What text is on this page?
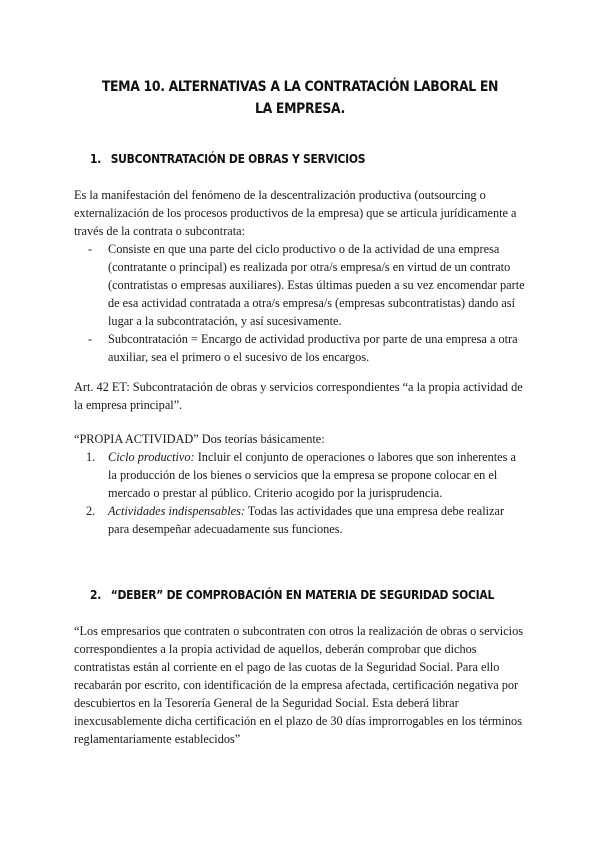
TEMA 10. ALTERNATIVAS A LA CONTRATACIÓN LABORAL EN LA EMPRESA.
1. SUBCONTRATACIÓN DE OBRAS Y SERVICIOS

Es la manifestación del fenómeno de la descentralización productiva (outsourcing o externalización de los procesos productivos de la empresa) que se articula jurídicamente a través de la contrata o subcontrata:

- Consiste en que una parte del ciclo productivo o de la actividad de una empresa (contratante o principal) es realizada por otra/s empresa/s en virtud de un contrato (contratistas o empresas auxiliares). Estas últimas pueden a su vez encomendar parte de esa actividad contratada a otra/s empresa/s (empresas subcontratistas) dando así lugar a la subcontratación, y así sucesivamente.
- Subcontratación = Encargo de actividad productiva por parte de una empresa a otra auxiliar, sea el primero o el sucesivo de los encargos.

Art. 42 ET: Subcontratación de obras y servicios correspondientes “a la propia actividad de la empresa principal”.

“PROPIA ACTIVIDAD” Dos teorías básicamente:

1. Ciclo productivo: Incluir el conjunto de operaciones o labores que son inherentes a la producción de los bienes o servicios que la empresa se propone colocar en el mercado o prestar al público. Criterio acogido por la jurisprudencia.
2. Actividades indispensables: Todas las actividades que una empresa debe realizar para desempeñar adecuadamente sus funciones.
2. “DEBER” DE COMPROBACIÓN EN MATERIA DE SEGURIDAD SOCIAL

“Los empresarios que contraten o subcontraten con otros la realización de obras o servicios correspondientes a la propia actividad de aquellos, deberán comprobar que dichos contratistas están al corriente en el pago de las cuotas de la Seguridad Social. Para ello recabarán por escrito, con identificación de la empresa afectada, certificación negativa por descubiertos en la Tesorería General de la Seguridad Social. Esta deberá librar inexcusablemente dicha certificación en el plazo de 30 días improrrogables en los términos reglamentariamente establecidos”
